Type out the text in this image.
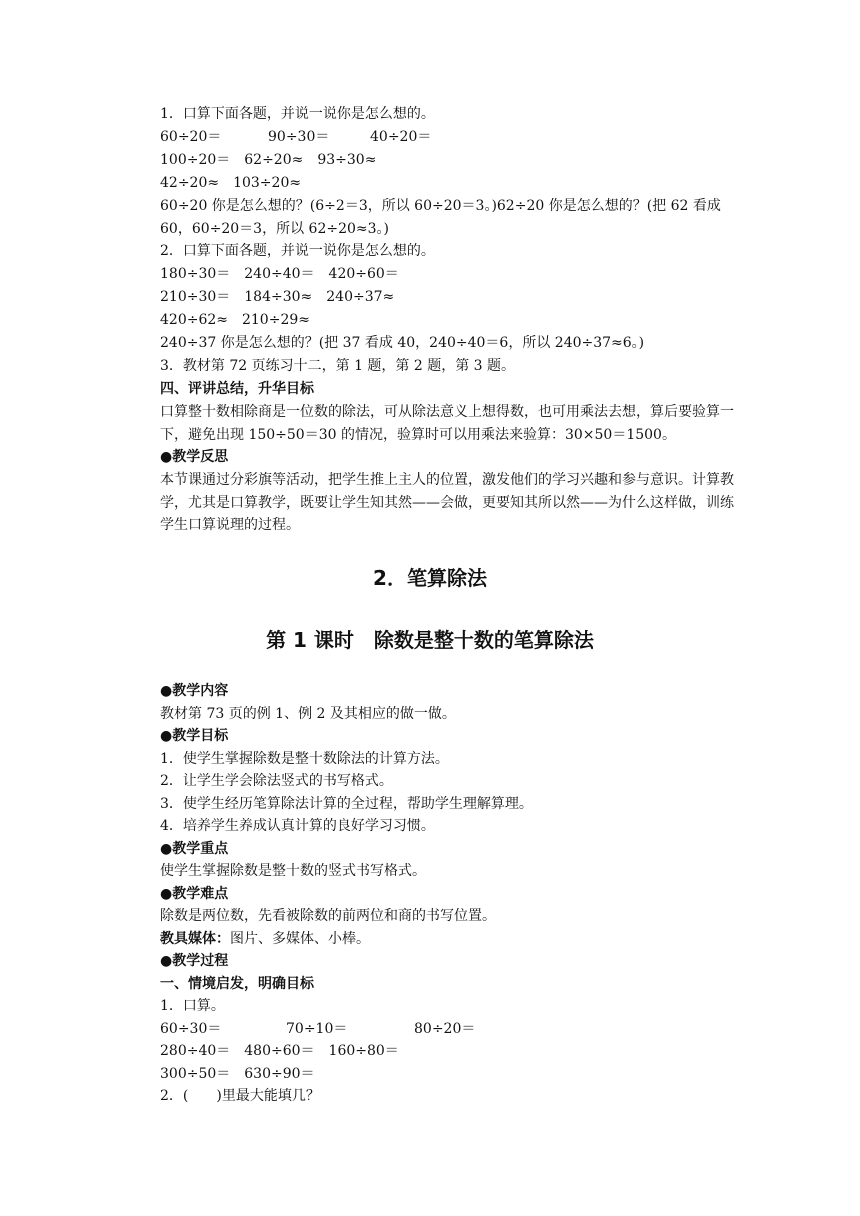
1．口算下面各题，并说一说你是怎么想的。
60÷20＝	90÷30＝	40÷20＝
100÷20＝　62÷20≈　93÷30≈
42÷20≈　103÷20≈

60÷20 你是怎么想的？(6÷2＝3，所以 60÷20＝3。)62÷20 你是怎么想的？(把 62 看成 60，60÷20＝3，所以 62÷20≈3。)

2．口算下面各题，并说一说你是怎么想的。
180÷30＝　240÷40＝　420÷60＝
210÷30＝　184÷30≈　240÷37≈
420÷62≈　210÷29≈
240÷37 你是怎么想的？(把 37 看成 40，240÷40＝6，所以 240÷37≈6。)
3．教材第 72 页练习十二，第 1 题，第 2 题，第 3 题。
四、评讲总结，升华目标

口算整十数相除商是一位数的除法，可从除法意义上想得数，也可用乘法去想，算后要验算一下，避免出现 150÷50＝30 的情况，验算时可以用乘法来验算：30×50＝1500。

●教学反思

本节课通过分彩旗等活动，把学生推上主人的位置，激发他们的学习兴趣和参与意识。计算教学，尤其是口算教学，既要让学生知其然——会做，更要知其所以然——为什么这样做，训练学生口算说理的过程。

2．笔算除法
第 1 课时　除数是整十数的笔算除法

●教学内容

教材第 73 页的例 1、例 2 及其相应的做一做。

●教学目标

1．使学生掌握除数是整十数除法的计算方法。

2．让学生学会除法竖式的书写格式。

3．使学生经历笔算除法计算的全过程，帮助学生理解算理。

4．培养学生养成认真计算的良好学习习惯。

●教学重点

使学生掌握除数是整十数的竖式书写格式。

●教学难点

除数是两位数，先看被除数的前两位和商的书写位置。

教具媒体：图片、多媒体、小棒。

●教学过程

一、情境启发，明确目标

1．口算。

60÷30＝	70÷10＝	80÷20＝

280÷40＝　480÷60＝　160÷80＝

300÷50＝　630÷90＝

2．(　　)里最大能填几？
